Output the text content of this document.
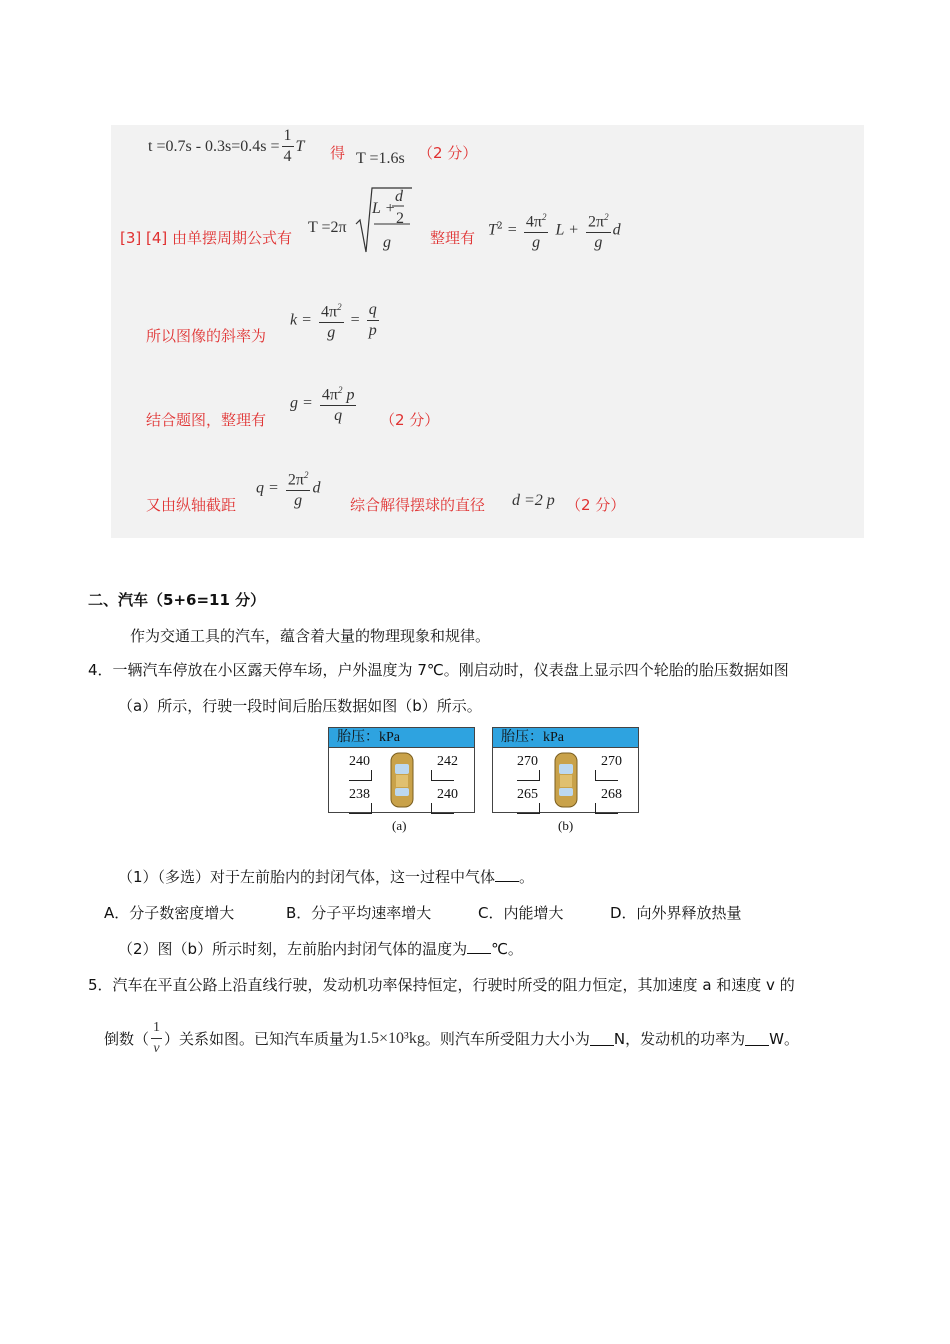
$t =0.7s - 0.3s=0.4s = \frac{1}{4}$ T 得 T =1.6s （2 分）
[3] [4] 由单摆周期公式有
T =2π
L +
d
2
g	整理有 $T^2 = \frac{4\pi^2}{g}$ $L + \frac{2\pi^2}{g}$ d
所以图像的斜率为
$k = \frac{4\pi^2}{g} = \frac{q}{p}$
结合题图，整理有
$g = \frac{4\pi^2 p}{q} (2$ 分）
又由纵轴截距
$q = \frac{2\pi^2}{g}$ d
综合解得摆球的直径 d =2 p （2 分）
二、汽车（5+6=11 分）
作为交通工具的汽车，蕴含着大量的物理现象和规律。
4．一辆汽车停放在小区露天停车场，户外温度为 7℃。刚启动时，仪表盘上显示四个轮胎的胎压数据如图
（a）所示，行驶一段时间后胎压数据如图（b）所示。
胎压：kPa
240	242
238	240
(a)
胎压：kPa
270	270
265	268
(b)
（1）（多选）对于左前胎内的封闭气体，这一过程中气体 。
A．分子数密度增大	B．分子平均速率增大	C．内能增大	D．向外界释放热量
（2）图（b）所示时刻，左前胎内封闭气体的温度为 ℃。
5．汽车在平直公路上沿直线行驶，发动机功率保持恒定，行驶时所受的阻力恒定，其加速度 a 和速度 v 的
倒数（ $\frac{1}{v}$ ）关系如图。已知汽车质量为 1.5×10³kg 。则汽车所受阻力大小为 N，发动机的功率为 W。
